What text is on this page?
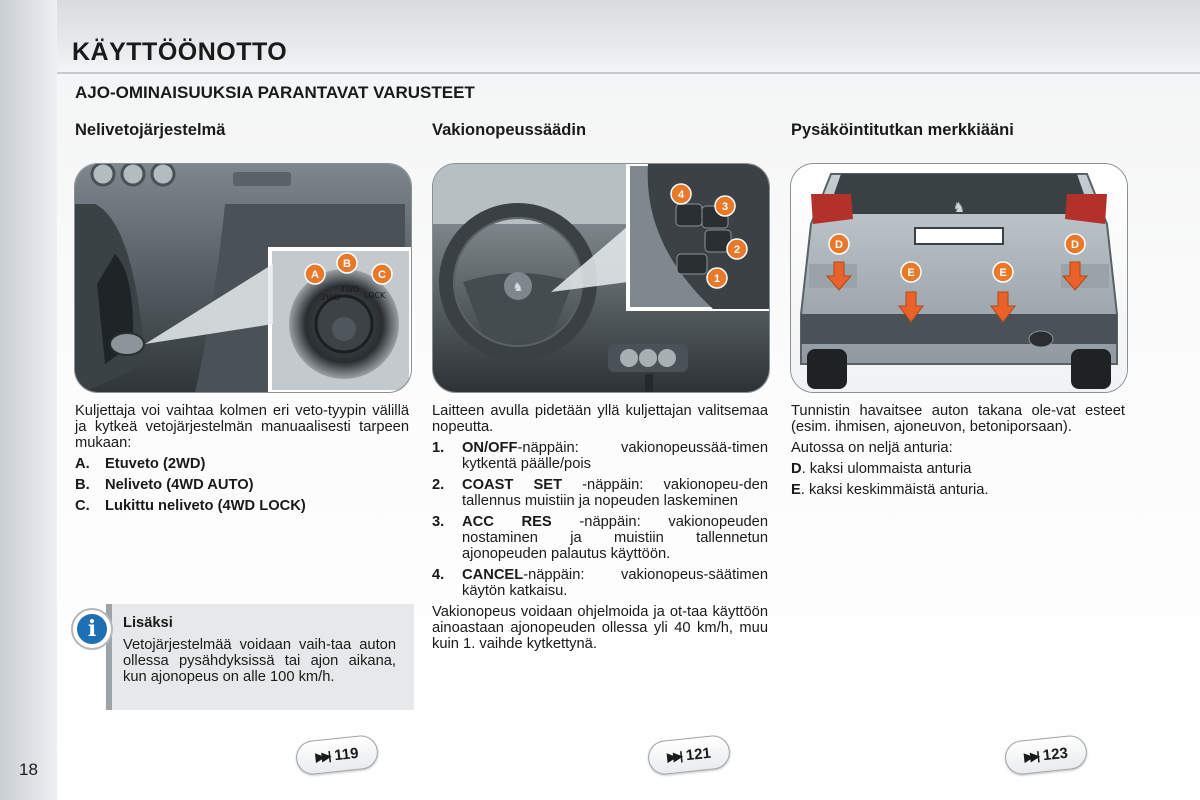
KÄYTTÖÖNOTTO
AJO-OMINAISUUKSIA PARANTAVAT VARUSTEET
Nelivetojärjestelmä	Vakionopeussäädin	Pysäköintitutkan merkkiääni
2WD
4WD
LOCK
A
B
C
♞
4
3
2
1
♞
D
E	E
D

Kuljettaja voi vaihtaa kolmen eri veto-tyypin välillä ja kytkeä vetojärjestelmän manuaalisesti tarpeen mukaan:

A.	Etuveto (2WD)
B.	Neliveto (4WD AUTO)
C.	Lukittu neliveto (4WD LOCK)

Laitteen avulla pidetään yllä kuljettajan valitsemaa nopeutta.

1.	ON/OFF-näppäin: vakionopeussää-timen kytkentä päälle/pois
2.	COAST SET -näppäin: vakionopeu-den tallennus muistiin ja nopeuden laskeminen
3.	ACC RES -näppäin: vakionopeuden nostaminen ja muistiin tallennetun ajonopeuden palautus käyttöön.
4.	CANCEL-näppäin: vakionopeus-säätimen käytön katkaisu.

Vakionopeus voidaan ohjelmoida ja ot-taa käyttöön ainoastaan ajonopeuden ollessa yli 40 km/h, muu kuin 1. vaihde kytkettynä.

Tunnistin havaitsee auton takana ole-vat esteet (esim. ihmisen, ajoneuvon, betoniporsaan).

Autossa on neljä anturia:

D. kaksi ulommaista anturia

E. kaksi keskimmäistä anturia.

i	Lisäksi
Vetojärjestelmää voidaan vaih-taa auton ollessa pysähdyksissä tai ajon aikana, kun ajonopeus on alle 100 km/h.
▶▶| 119	▶▶| 121	▶▶| 123
18
